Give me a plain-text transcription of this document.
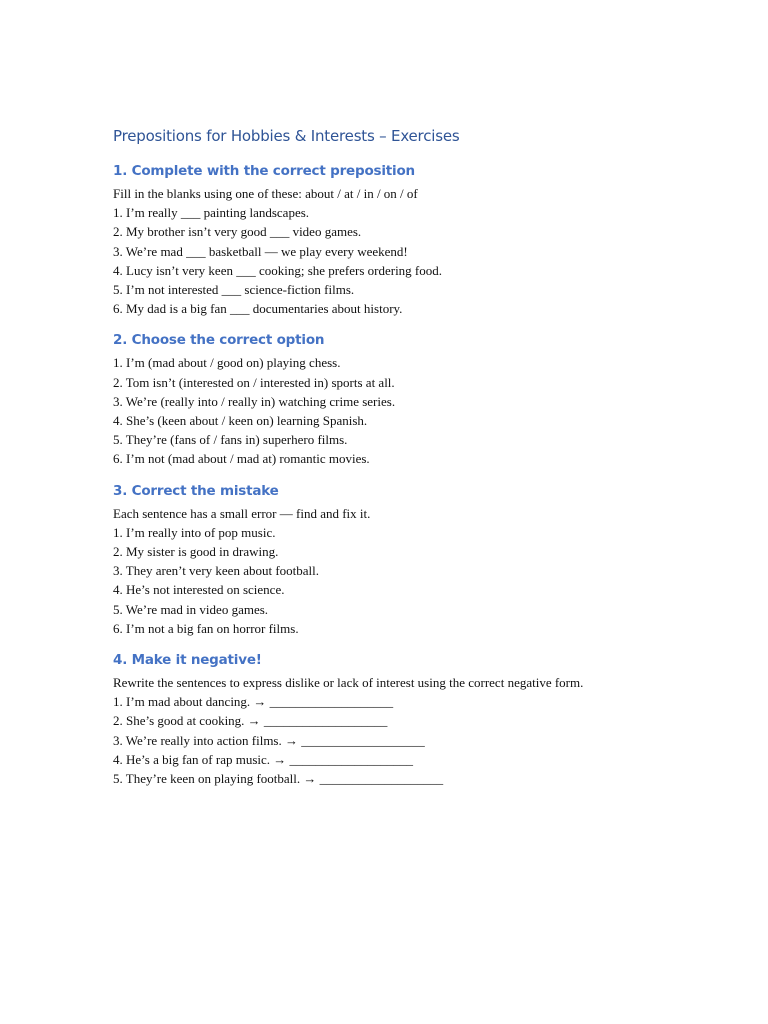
Prepositions for Hobbies & Interests – Exercises
1. Complete with the correct preposition

Fill in the blanks using one of these: about / at / in / on / of

1. I’m really ___ painting landscapes.
2. My brother isn’t very good ___ video games.
3. We’re mad ___ basketball — we play every weekend!
4. Lucy isn’t very keen ___ cooking; she prefers ordering food.
5. I’m not interested ___ science-fiction films.
6. My dad is a big fan ___ documentaries about history.
2. Choose the correct option
1. I’m (mad about / good on) playing chess.
2. Tom isn’t (interested on / interested in) sports at all.
3. We’re (really into / really in) watching crime series.
4. She’s (keen about / keen on) learning Spanish.
5. They’re (fans of / fans in) superhero films.
6. I’m not (mad about / mad at) romantic movies.
3. Correct the mistake

Each sentence has a small error — find and fix it.

1. I’m really into of pop music.
2. My sister is good in drawing.
3. They aren’t very keen about football.
4. He’s not interested on science.
5. We’re mad in video games.
6. I’m not a big fan on horror films.
4. Make it negative!

Rewrite the sentences to express dislike or lack of interest using the correct negative form.

1. I’m mad about dancing. → ___________________
2. She’s good at cooking. → ___________________
3. We’re really into action films. → ___________________
4. He’s a big fan of rap music. → ___________________
5. They’re keen on playing football. → ___________________
